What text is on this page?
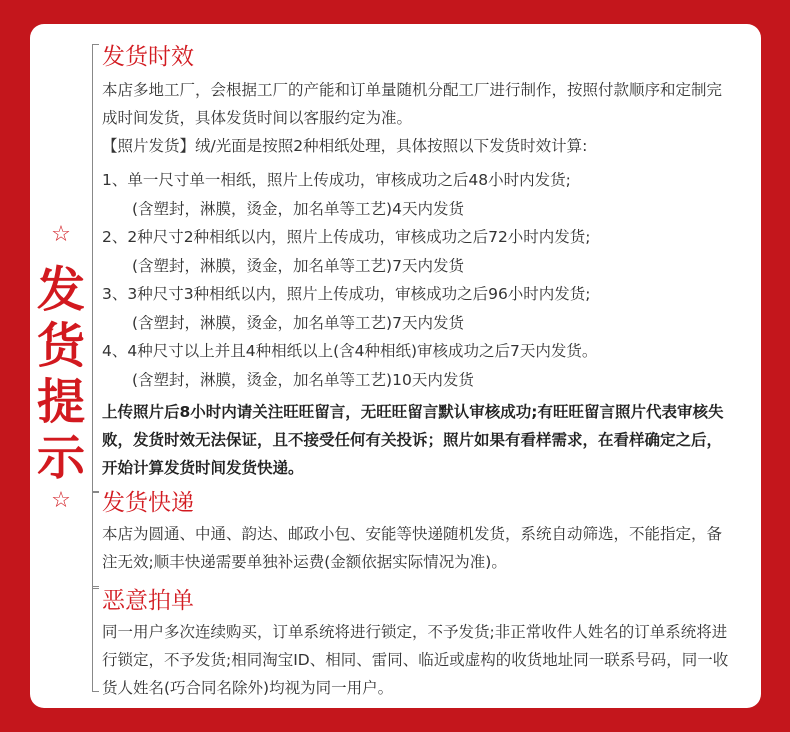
☆
发
货
提
示
☆
发货时效
本店多地工厂，会根据工厂的产能和订单量随机分配工厂进行制作，按照付款顺序和定制完成时间发货，具体发货时间以客服约定为准。
【照片发货】绒/光面是按照2种相纸处理，具体按照以下发货时效计算:
1、单一尺寸单一相纸，照片上传成功，审核成功之后48小时内发货;
(含塑封，淋膜，烫金，加名单等工艺)4天内发货
2、2种尺寸2种相纸以内，照片上传成功，审核成功之后72小时内发货;
(含塑封，淋膜，烫金，加名单等工艺)7天内发货
3、3种尺寸3种相纸以内，照片上传成功，审核成功之后96小时内发货;
(含塑封，淋膜，烫金，加名单等工艺)7天内发货
4、4种尺寸以上并且4种相纸以上(含4种相纸)审核成功之后7天内发货。
(含塑封，淋膜，烫金，加名单等工艺)10天内发货
上传照片后8小时内请关注旺旺留言，无旺旺留言默认审核成功;有旺旺留言照片代表审核失败，发货时效无法保证，且不接受任何有关投诉；照片如果有看样需求，在看样确定之后，开始计算发货时间发货快递。
发货快递
本店为圆通、中通、韵达、邮政小包、安能等快递随机发货，系统自动筛选，不能指定，备注无效;顺丰快递需要单独补运费(金额依据实际情况为准)。
恶意拍单
同一用户多次连续购买，订单系统将进行锁定，不予发货;非正常收件人姓名的订单系统将进行锁定，不予发货;相同淘宝ID、相同、雷同、临近或虚构的收货地址同一联系号码，同一收货人姓名(巧合同名除外)均视为同一用户。
